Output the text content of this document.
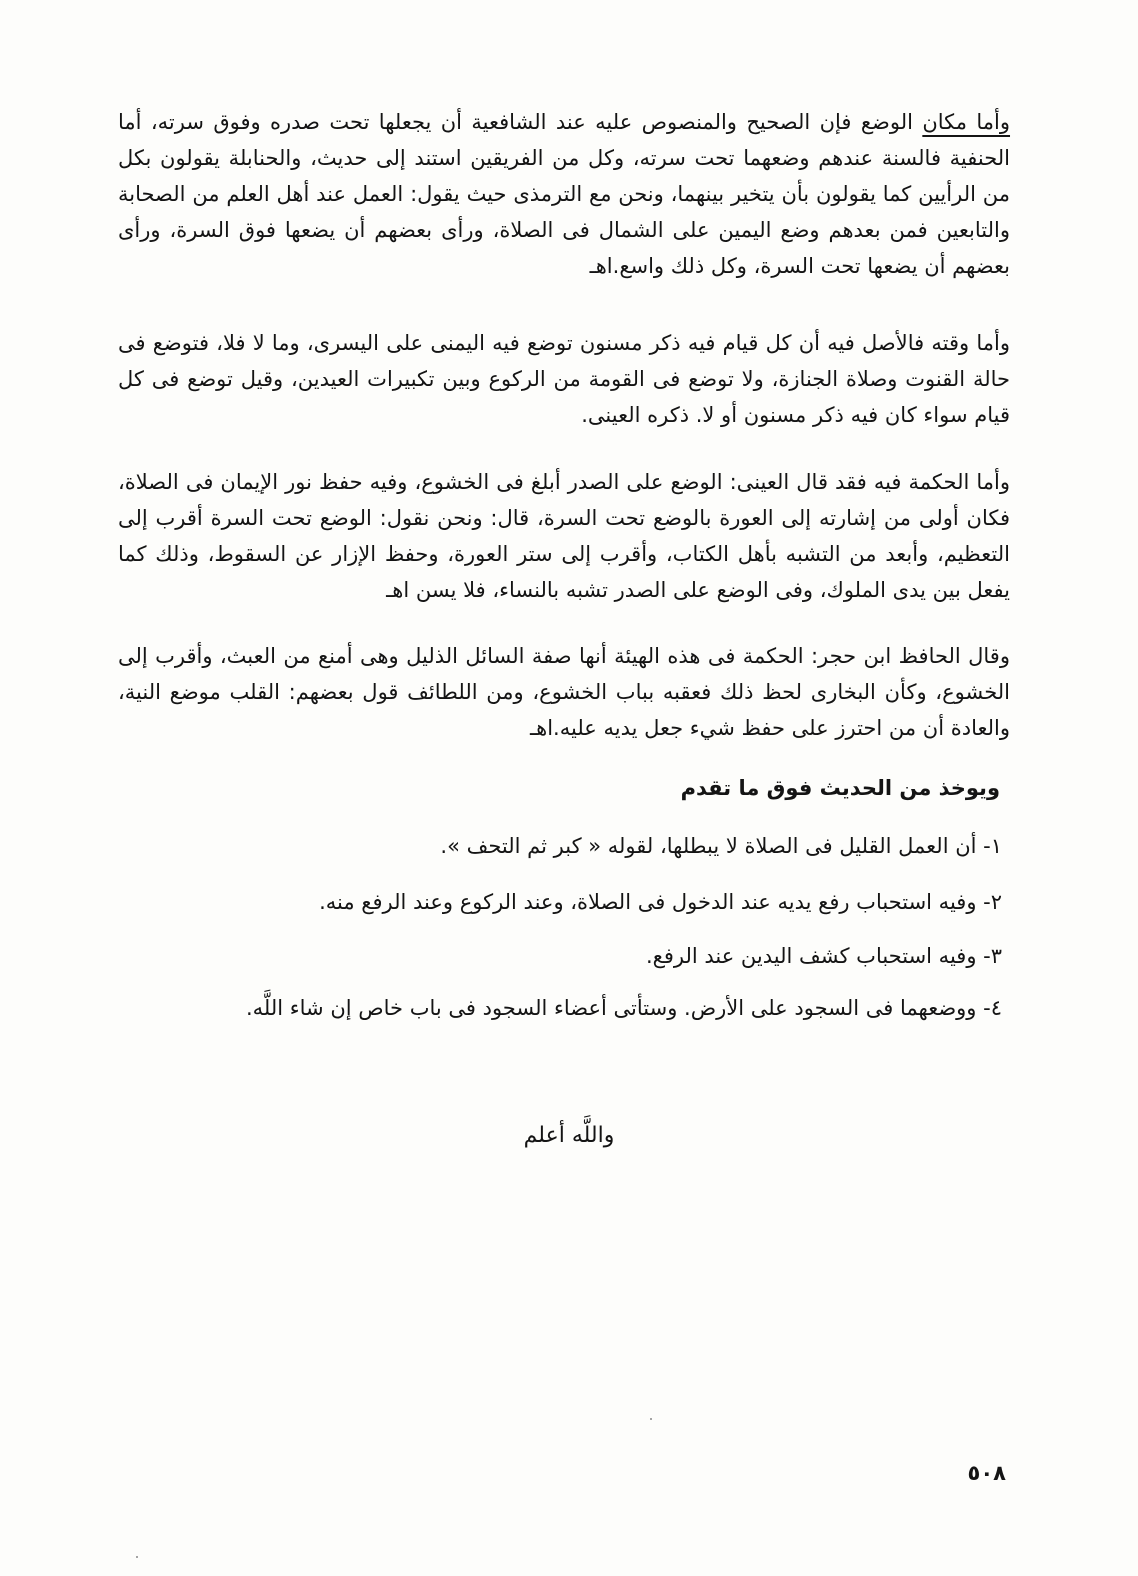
وأما مكان الوضع فإن الصحيح والمنصوص عليه عند الشافعية أن يجعلها تحت صدره وفوق سرته، أما الحنفية فالسنة عندهم وضعهما تحت سرته، وكل من الفريقين استند إلى حديث، والحنابلة يقولون بكل من الرأيين كما يقولون بأن يتخير بينهما، ونحن مع الترمذى حيث يقول: العمل عند أهل العلم من الصحابة والتابعين فمن بعدهم وضع اليمين على الشمال فى الصلاة، ورأى بعضهم أن يضعها فوق السرة، ورأى بعضهم أن يضعها تحت السرة، وكل ذلك واسع.اهـ

وأما وقته فالأصل فيه أن كل قيام فيه ذكر مسنون توضع فيه اليمنى على اليسرى، وما لا فلا، فتوضع فى حالة القنوت وصلاة الجنازة، ولا توضع فى القومة من الركوع وبين تكبيرات العيدين، وقيل توضع فى كل قيام سواء كان فيه ذكر مسنون أو لا. ذكره العينى.

وأما الحكمة فيه فقد قال العينى: الوضع على الصدر أبلغ فى الخشوع، وفيه حفظ نور الإيمان فى الصلاة، فكان أولى من إشارته إلى العورة بالوضع تحت السرة، قال: ونحن نقول: الوضع تحت السرة أقرب إلى التعظيم، وأبعد من التشبه بأهل الكتاب، وأقرب إلى ستر العورة، وحفظ الإزار عن السقوط، وذلك كما يفعل بين يدى الملوك، وفى الوضع على الصدر تشبه بالنساء، فلا يسن اهـ

وقال الحافظ ابن حجر: الحكمة فى هذه الهيئة أنها صفة السائل الذليل وهى أمنع من العبث، وأقرب إلى الخشوع، وكأن البخارى لحظ ذلك فعقبه بباب الخشوع، ومن اللطائف قول بعضهم: القلب موضع النية، والعادة أن من احترز على حفظ شيء جعل يديه عليه.اهـ

ويوخذ من الحديث فوق ما تقدم
١- أن العمل القليل فى الصلاة لا يبطلها، لقوله « كبر ثم التحف ».
٢- وفيه استحباب رفع يديه عند الدخول فى الصلاة، وعند الركوع وعند الرفع منه.
٣- وفيه استحباب كشف اليدين عند الرفع.
٤- ووضعهما فى السجود على الأرض. وستأتى أعضاء السجود فى باب خاص إن شاء اللَّه.
واللَّه أعلم
٥٠٨
